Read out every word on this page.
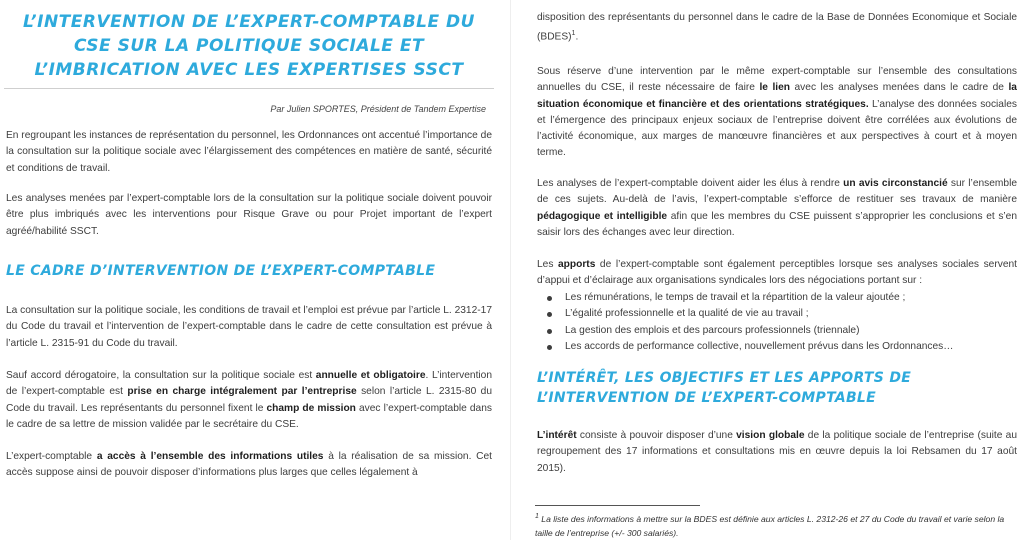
L’INTERVENTION DE L’EXPERT-COMPTABLE DU CSE SUR LA POLITIQUE SOCIALE ET L’IMBRICATION AVEC LES EXPERTISES SSCT
Par Julien SPORTES, Président de Tandem Expertise
En regroupant les instances de représentation du personnel, les Ordonnances ont accentué l’importance de la consultation sur la politique sociale avec l’élargissement des compétences en matière de santé, sécurité et conditions de travail.
Les analyses menées par l’expert-comptable lors de la consultation sur la politique sociale doivent pouvoir être plus imbriqués avec les interventions pour Risque Grave ou pour Projet important de l’expert agréé/habilité SSCT.
LE CADRE D’INTERVENTION DE L’EXPERT-COMPTABLE
La consultation sur la politique sociale, les conditions de travail et l’emploi est prévue par l’article L. 2312-17 du Code du travail et l’intervention de l’expert-comptable dans le cadre de cette consultation est prévue à l’article L. 2315-91 du Code du travail.
Sauf accord dérogatoire, la consultation sur la politique sociale est annuelle et obligatoire. L’intervention de l’expert-comptable est prise en charge intégralement par l’entreprise selon l’article L. 2315-80 du Code du travail. Les représentants du personnel fixent le champ de mission avec l’expert-comptable dans le cadre de sa lettre de mission validée par le secrétaire du CSE.
L’expert-comptable a accès à l’ensemble des informations utiles à la réalisation de sa mission. Cet accès suppose ainsi de pouvoir disposer d’informations plus larges que celles légalement à
disposition des représentants du personnel dans le cadre de la Base de Données Economique et Sociale (BDES)$^1$.
Sous réserve d’une intervention par le même expert-comptable sur l’ensemble des consultations annuelles du CSE, il reste nécessaire de faire le lien avec les analyses menées dans le cadre de la situation économique et financière et des orientations stratégiques. L’analyse des données sociales et l’émergence des principaux enjeux sociaux de l’entreprise doivent être corrélées aux évolutions de l’activité économique, aux marges de manœuvre financières et aux perspectives à court et à moyen terme.
Les analyses de l’expert-comptable doivent aider les élus à rendre un avis circonstancié sur l’ensemble de ces sujets. Au-delà de l’avis, l’expert-comptable s’efforce de restituer ses travaux de manière pédagogique et intelligible afin que les membres du CSE puissent s’approprier les conclusions et s’en saisir lors des échanges avec leur direction.
Les apports de l’expert-comptable sont également perceptibles lorsque ses analyses sociales servent d’appui et d’éclairage aux organisations syndicales lors des négociations portant sur :
Les rémunérations, le temps de travail et la répartition de la valeur ajoutée ;
L’égalité professionnelle et la qualité de vie au travail ;
La gestion des emplois et des parcours professionnels (triennale)
Les accords de performance collective, nouvellement prévus dans les Ordonnances…
L’INTÉRÊT, LES OBJECTIFS ET LES APPORTS DE L’INTERVENTION DE L’EXPERT-COMPTABLE
L’intérêt consiste à pouvoir disposer d’une vision globale de la politique sociale de l’entreprise (suite au regroupement des 17 informations et consultations mis en œuvre depuis la loi Rebsamen du 17 août 2015).
$^1$ La liste des informations à mettre sur la BDES est définie aux articles L. 2312-26 et 27 du Code du travail et varie selon la taille de l’entreprise (+/- 300 salariés).
